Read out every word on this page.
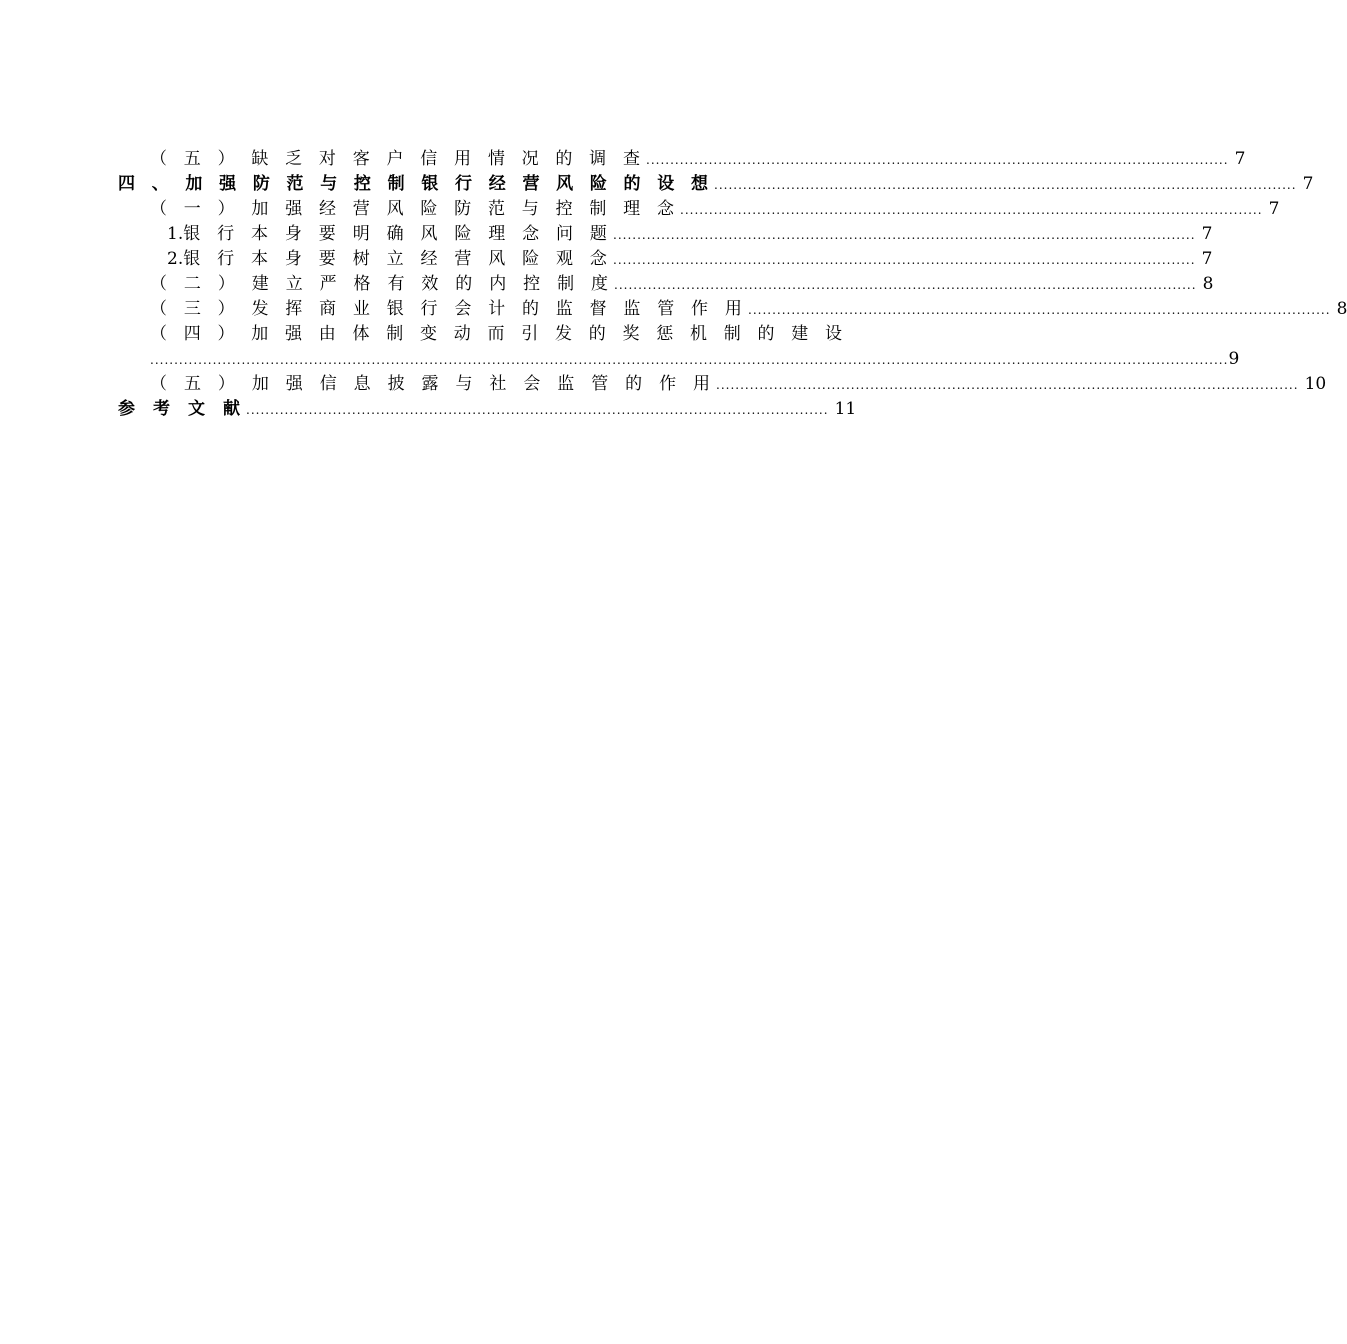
（ 五 ） 缺 乏 对 客 户 信 用 情 况 的 调 查 ......................................................................................................................... 7
四 、 加 强 防 范 与 控 制 银 行 经 营 风 险 的 设 想 ......................................................................................................................... 7
（ 一 ） 加 强 经 营 风 险 防 范 与 控 制 理 念 ......................................................................................................................... 7
1.银 行 本 身 要 明 确 风 险 理 念 问 题 ......................................................................................................................... 7
2.银 行 本 身 要 树 立 经 营 风 险 观 念 ......................................................................................................................... 7
（ 二 ） 建 立 严 格 有 效 的 内 控 制 度 ......................................................................................................................... 8
（ 三 ） 发 挥 商 业 银 行 会 计 的 监 督 监 管 作 用 ......................................................................................................................... 8
（ 四 ） 加 强 由 体 制 变 动 而 引 发 的 奖 惩 机 制 的 建 设
................................................................................................................................................................................................................................ 9
（ 五 ） 加 强 信 息 披 露 与 社 会 监 管 的 作 用 ......................................................................................................................... 10
参 考 文 献 ......................................................................................................................... 11
